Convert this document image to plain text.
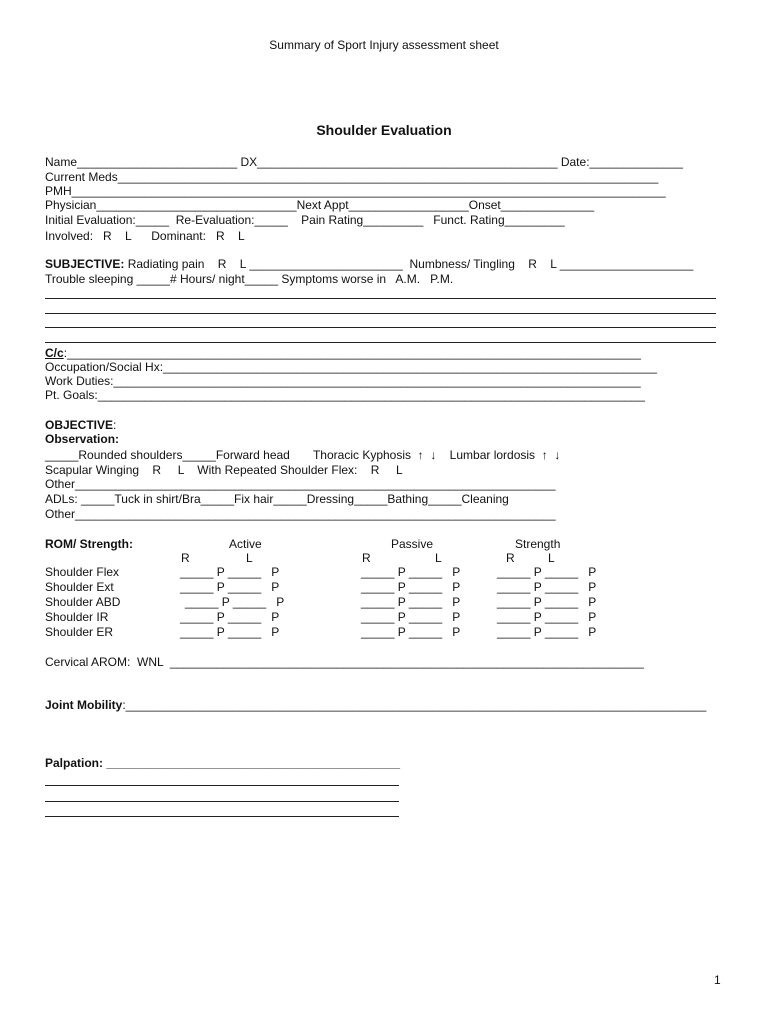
Summary of Sport Injury assessment sheet
Shoulder Evaluation
Name________________________ DX_____________________________________________ Date:______________
Current Meds_________________________________________________________________________________
PMH_________________________________________________________________________________________
Physician______________________________Next Appt__________________Onset______________
Initial Evaluation:_____  Re-Evaluation:_____    Pain Rating_________   Funct. Rating_________
Involved:   R    L      Dominant:   R    L
SUBJECTIVE: Radiating pain    R    L _______________________  Numbness/ Tingling    R    L ____________________
Trouble sleeping _____# Hours/ night_____ Symptoms worse in   A.M.   P.M.
C/c:______________________________________________________________________________________
Occupation/Social Hx:__________________________________________________________________________
Work Duties:_______________________________________________________________________________
Pt. Goals:__________________________________________________________________________________
OBJECTIVE:
Observation:
_____Rounded shoulders_____Forward head       Thoracic Kyphosis  ↑  ↓    Lumbar lordosis  ↑  ↓
Scapular Winging    R     L    With Repeated Shoulder Flex:    R     L
Other________________________________________________________________________
ADLs: _____Tuck in shirt/Bra_____Fix hair_____Dressing_____Bathing_____Cleaning
Other________________________________________________________________________
ROM/ Strength:	Active	Passive	Strength
R	L	R	L	R	L
Shoulder Flex	_____ P _____   P	_____ P _____   P	_____ P _____   P
Shoulder Ext	_____ P _____   P	_____ P _____   P	_____ P _____   P
Shoulder ABD	_____ P _____   P	_____ P _____   P	_____ P _____   P
Shoulder IR	_____ P _____   P	_____ P _____   P	_____ P _____   P
Shoulder ER	_____ P _____   P	_____ P _____   P	_____ P _____   P
Cervical AROM:  WNL  _______________________________________________________________________
Joint Mobility:_______________________________________________________________________________________
Palpation: ____________________________________________
1
